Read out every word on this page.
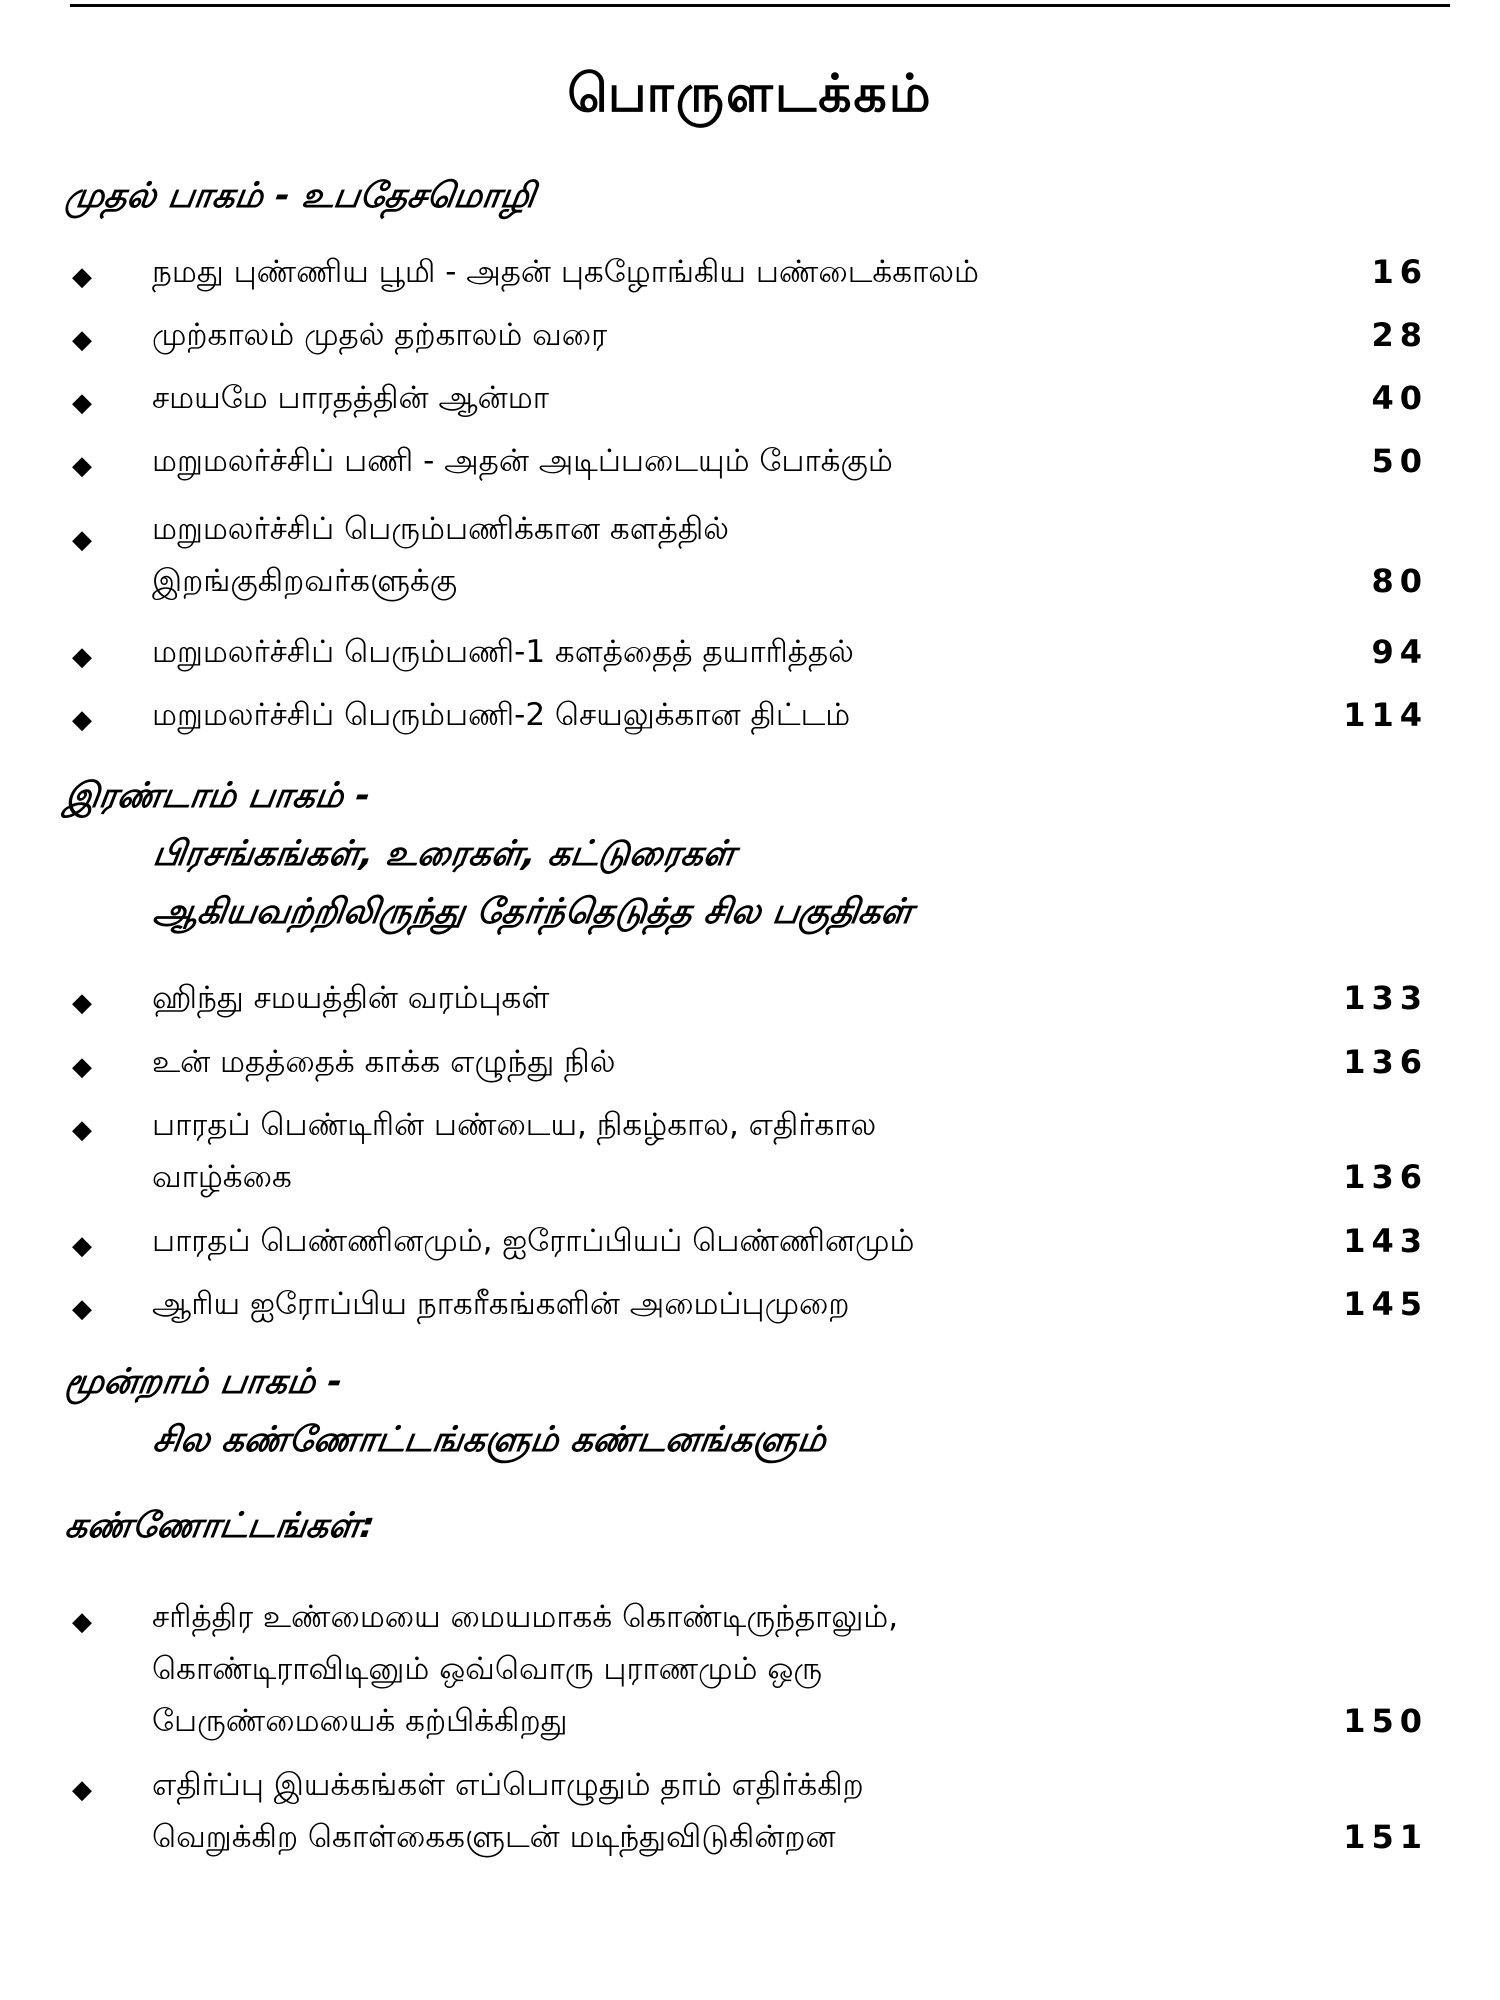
பொருளடக்கம்
முதல் பாகம் - உபதேசமொழி
◆ நமது புண்ணிய பூமி - அதன் புகழோங்கிய பண்டைக்காலம்	16
◆ முற்காலம் முதல் தற்காலம் வரை	28
◆ சமயமே பாரதத்தின் ஆன்மா	40
◆ மறுமலர்ச்சிப் பணி - அதன் அடிப்படையும் போக்கும்	50
◆ மறுமலர்ச்சிப் பெரும்பணிக்கான களத்தில்
இறங்குகிறவர்களுக்கு	80
◆ மறுமலர்ச்சிப் பெரும்பணி-1 களத்தைத் தயாரித்தல்	94
◆ மறுமலர்ச்சிப் பெரும்பணி-2 செயலுக்கான திட்டம்	114
இரண்டாம் பாகம் -
பிரசங்கங்கள், உரைகள், கட்டுரைகள்
ஆகியவற்றிலிருந்து தேர்ந்தெடுத்த சில பகுதிகள்
◆ ஹிந்து சமயத்தின் வரம்புகள்	133
◆ உன் மதத்தைக் காக்க எழுந்து நில்	136
◆ பாரதப் பெண்டிரின் பண்டைய, நிகழ்கால, எதிர்கால
வாழ்க்கை	136
◆ பாரதப் பெண்ணினமும், ஐரோப்பியப் பெண்ணினமும்	143
◆ ஆரிய ஐரோப்பிய நாகரீகங்களின் அமைப்புமுறை	145
மூன்றாம் பாகம் -
சில கண்ணோட்டங்களும் கண்டனங்களும்
கண்ணோட்டங்கள்:
◆ சரித்திர உண்மையை மையமாகக் கொண்டிருந்தாலும்,
கொண்டிராவிடினும் ஒவ்வொரு புராணமும் ஒரு
பேருண்மையைக் கற்பிக்கிறது	150
◆ எதிர்ப்பு இயக்கங்கள் எப்பொழுதும் தாம் எதிர்க்கிற
வெறுக்கிற கொள்கைகளுடன் மடிந்துவிடுகின்றன	151
